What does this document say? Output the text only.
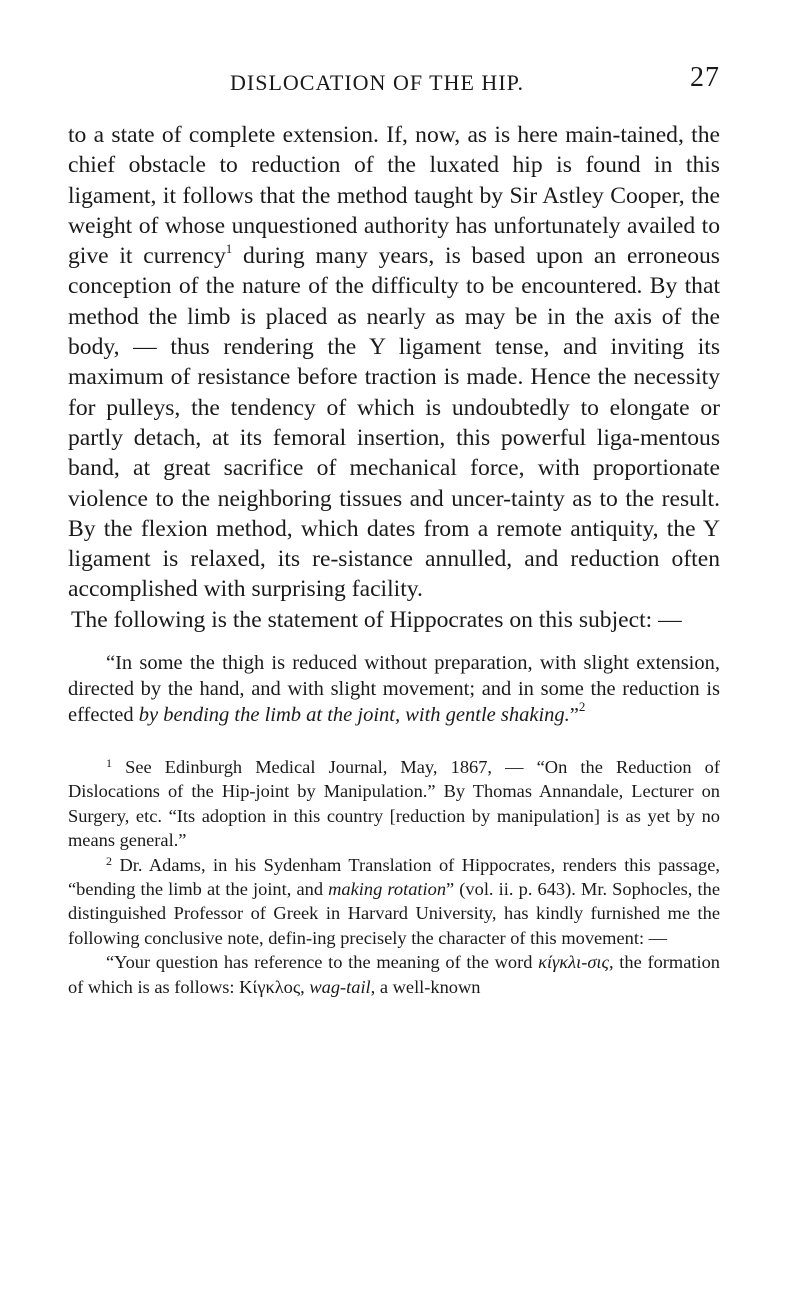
DISLOCATION OF THE HIP.	27

to a state of complete extension. If, now, as is here main-tained, the chief obstacle to reduction of the luxated hip is found in this ligament, it follows that the method taught by Sir Astley Cooper, the weight of whose unquestioned authority has unfortunately availed to give it currency$^1$ during many years, is based upon an erroneous conception of the nature of the difficulty to be encountered. By that method the limb is placed as nearly as may be in the axis of the body, — thus rendering the Y ligament tense, and inviting its maximum of resistance before traction is made. Hence the necessity for pulleys, the tendency of which is undoubtedly to elongate or partly detach, at its femoral insertion, this powerful liga-mentous band, at great sacrifice of mechanical force, with proportionate violence to the neighboring tissues and uncer-tainty as to the result. By the flexion method, which dates from a remote antiquity, the Y ligament is relaxed, its re-sistance annulled, and reduction often accomplished with surprising facility.

The following is the statement of Hippocrates on this subject: —

“In some the thigh is reduced without preparation, with slight extension, directed by the hand, and with slight movement; and in some the reduction is effected by bending the limb at the joint, with gentle shaking.”$^2$

$^1$ See Edinburgh Medical Journal, May, 1867, — “On the Reduction of Dislocations of the Hip-joint by Manipulation.” By Thomas Annandale, Lecturer on Surgery, etc. “Its adoption in this country [reduction by manipulation] is as yet by no means general.”

$^2$ Dr. Adams, in his Sydenham Translation of Hippocrates, renders this passage, “bending the limb at the joint, and making rotation” (vol. ii. p. 643). Mr. Sophocles, the distinguished Professor of Greek in Harvard University, has kindly furnished me the following conclusive note, defin-ing precisely the character of this movement: —

“Your question has reference to the meaning of the word κίγκλι-σις, the formation of which is as follows: Κίγκλος, wag-tail, a well-known
